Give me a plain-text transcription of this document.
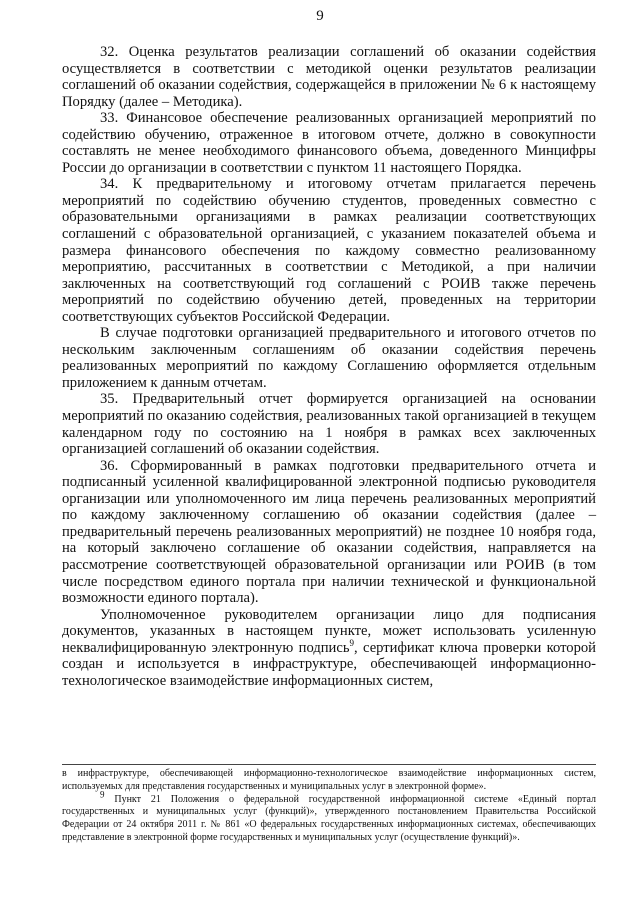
9

32. Оценка результатов реализации соглашений об оказании содействия осуществляется в соответствии с методикой оценки результатов реализации соглашений об оказании содействия, содержащейся в приложении № 6 к настоящему Порядку (далее – Методика).

33. Финансовое обеспечение реализованных организацией мероприятий по содействию обучению, отраженное в итоговом отчете, должно в совокупности составлять не менее необходимого финансового объема, доведенного Минцифры России до организации в соответствии с пунктом 11 настоящего Порядка.

34. К предварительному и итоговому отчетам прилагается перечень мероприятий по содействию обучению студентов, проведенных совместно с образовательными организациями в рамках реализации соответствующих соглашений с образовательной организацией, с указанием показателей объема и размера финансового обеспечения по каждому совместно реализованному мероприятию, рассчитанных в соответствии с Методикой, а при наличии заключенных на соответствующий год соглашений с РОИВ также перечень мероприятий по содействию обучению детей, проведенных на территории соответствующих субъектов Российской Федерации.

В случае подготовки организацией предварительного и итогового отчетов по нескольким заключенным соглашениям об оказании содействия перечень реализованных мероприятий по каждому Соглашению оформляется отдельным приложением к данным отчетам.

35. Предварительный отчет формируется организацией на основании мероприятий по оказанию содействия, реализованных такой организацией в текущем календарном году по состоянию на 1 ноября в рамках всех заключенных организацией соглашений об оказании содействия.

36. Сформированный в рамках подготовки предварительного отчета и подписанный усиленной квалифицированной электронной подписью руководителя организации или уполномоченного им лица перечень реализованных мероприятий по каждому заключенному соглашению об оказании содействия (далее – предварительный перечень реализованных мероприятий) не позднее 10 ноября года, на который заключено соглашение об оказании содействия, направляется на рассмотрение соответствующей образовательной организации или РОИВ (в том числе посредством единого портала при наличии технической и функциональной возможности единого портала).

Уполномоченное руководителем организации лицо для подписания документов, указанных в настоящем пункте, может использовать усиленную неквалифицированную электронную подпись$^9$, сертификат ключа проверки которой создан и используется в инфраструктуре, обеспечивающей информационно-технологическое взаимодействие информационных систем,

в инфраструктуре, обеспечивающей информационно-технологическое взаимодействие информационных систем, используемых для представления государственных и муниципальных услуг в электронной форме».

$^9$ Пункт 21 Положения о федеральной государственной информационной системе «Единый портал государственных и муниципальных услуг (функций)», утвержденного постановлением Правительства Российской Федерации от 24 октября 2011 г. № 861 «О федеральных государственных информационных системах, обеспечивающих представление в электронной форме государственных и муниципальных услуг (осуществление функций)».
